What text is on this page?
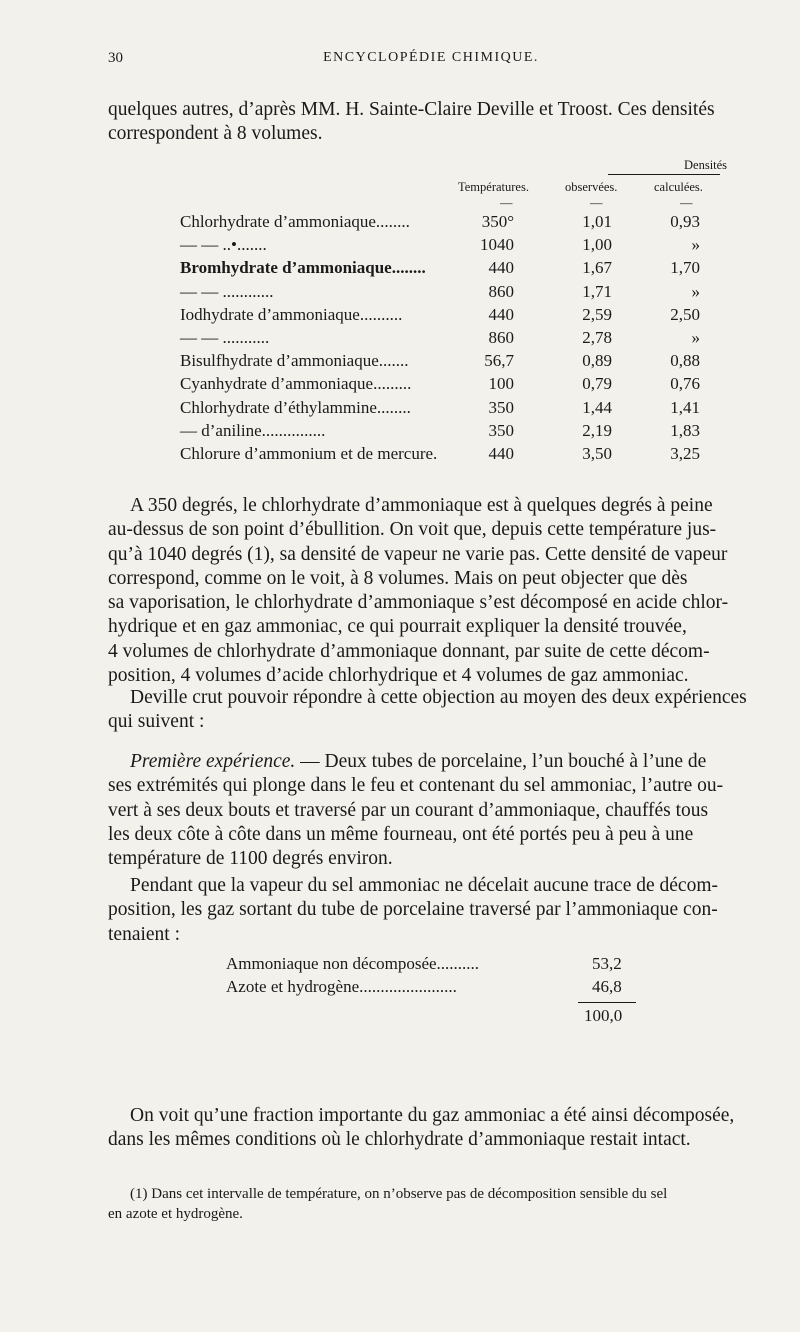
30	ENCYCLOPÉDIE CHIMIQUE.
quelques autres, d’après MM. H. Sainte-Claire Deville et Troost. Ces densités
correspondent à 8 volumes.
Densités
Températures.	observées.	calculées.
—	—	—
Chlorhydrate d’ammoniaque........	350°	1,01	0,93
— — ..•.......	1040	1,00	»
Bromhydrate d’ammoniaque........	440	1,67	1,70
— — ............	860	1,71	»
Iodhydrate d’ammoniaque..........	440	2,59	2,50
— — ...........	860	2,78	»
Bisulfhydrate d’ammoniaque.......	56,7	0,89	0,88
Cyanhydrate d’ammoniaque.........	100	0,79	0,76
Chlorhydrate d’éthylammine........	350	1,44	1,41
— d’aniline...............	350	2,19	1,83
Chlorure d’ammonium et de mercure.	440	3,50	3,25
A 350 degrés, le chlorhydrate d’ammoniaque est à quelques degrés à peine
au-dessus de son point d’ébullition. On voit que, depuis cette température jus-
qu’à 1040 degrés (1), sa densité de vapeur ne varie pas. Cette densité de vapeur
correspond, comme on le voit, à 8 volumes. Mais on peut objecter que dès
sa vaporisation, le chlorhydrate d’ammoniaque s’est décomposé en acide chlor-
hydrique et en gaz ammoniac, ce qui pourrait expliquer la densité trouvée,
4 volumes de chlorhydrate d’ammoniaque donnant, par suite de cette décom-
position, 4 volumes d’acide chlorhydrique et 4 volumes de gaz ammoniac.
Deville crut pouvoir répondre à cette objection au moyen des deux expériences
qui suivent :
Première expérience. — Deux tubes de porcelaine, l’un bouché à l’une de
ses extrémités qui plonge dans le feu et contenant du sel ammoniac, l’autre ou-
vert à ses deux bouts et traversé par un courant d’ammoniaque, chauffés tous
les deux côte à côte dans un même fourneau, ont été portés peu à peu à une
température de 1100 degrés environ.
Pendant que la vapeur du sel ammoniac ne décelait aucune trace de décom-
position, les gaz sortant du tube de porcelaine traversé par l’ammoniaque con-
tenaient :
Ammoniaque non décomposée..........	53,2
Azote et hydrogène.......................	46,8
100,0
On voit qu’une fraction importante du gaz ammoniac a été ainsi décomposée,
dans les mêmes conditions où le chlorhydrate d’ammoniaque restait intact.
(1) Dans cet intervalle de température, on n’observe pas de décomposition sensible du sel
en azote et hydrogène.
